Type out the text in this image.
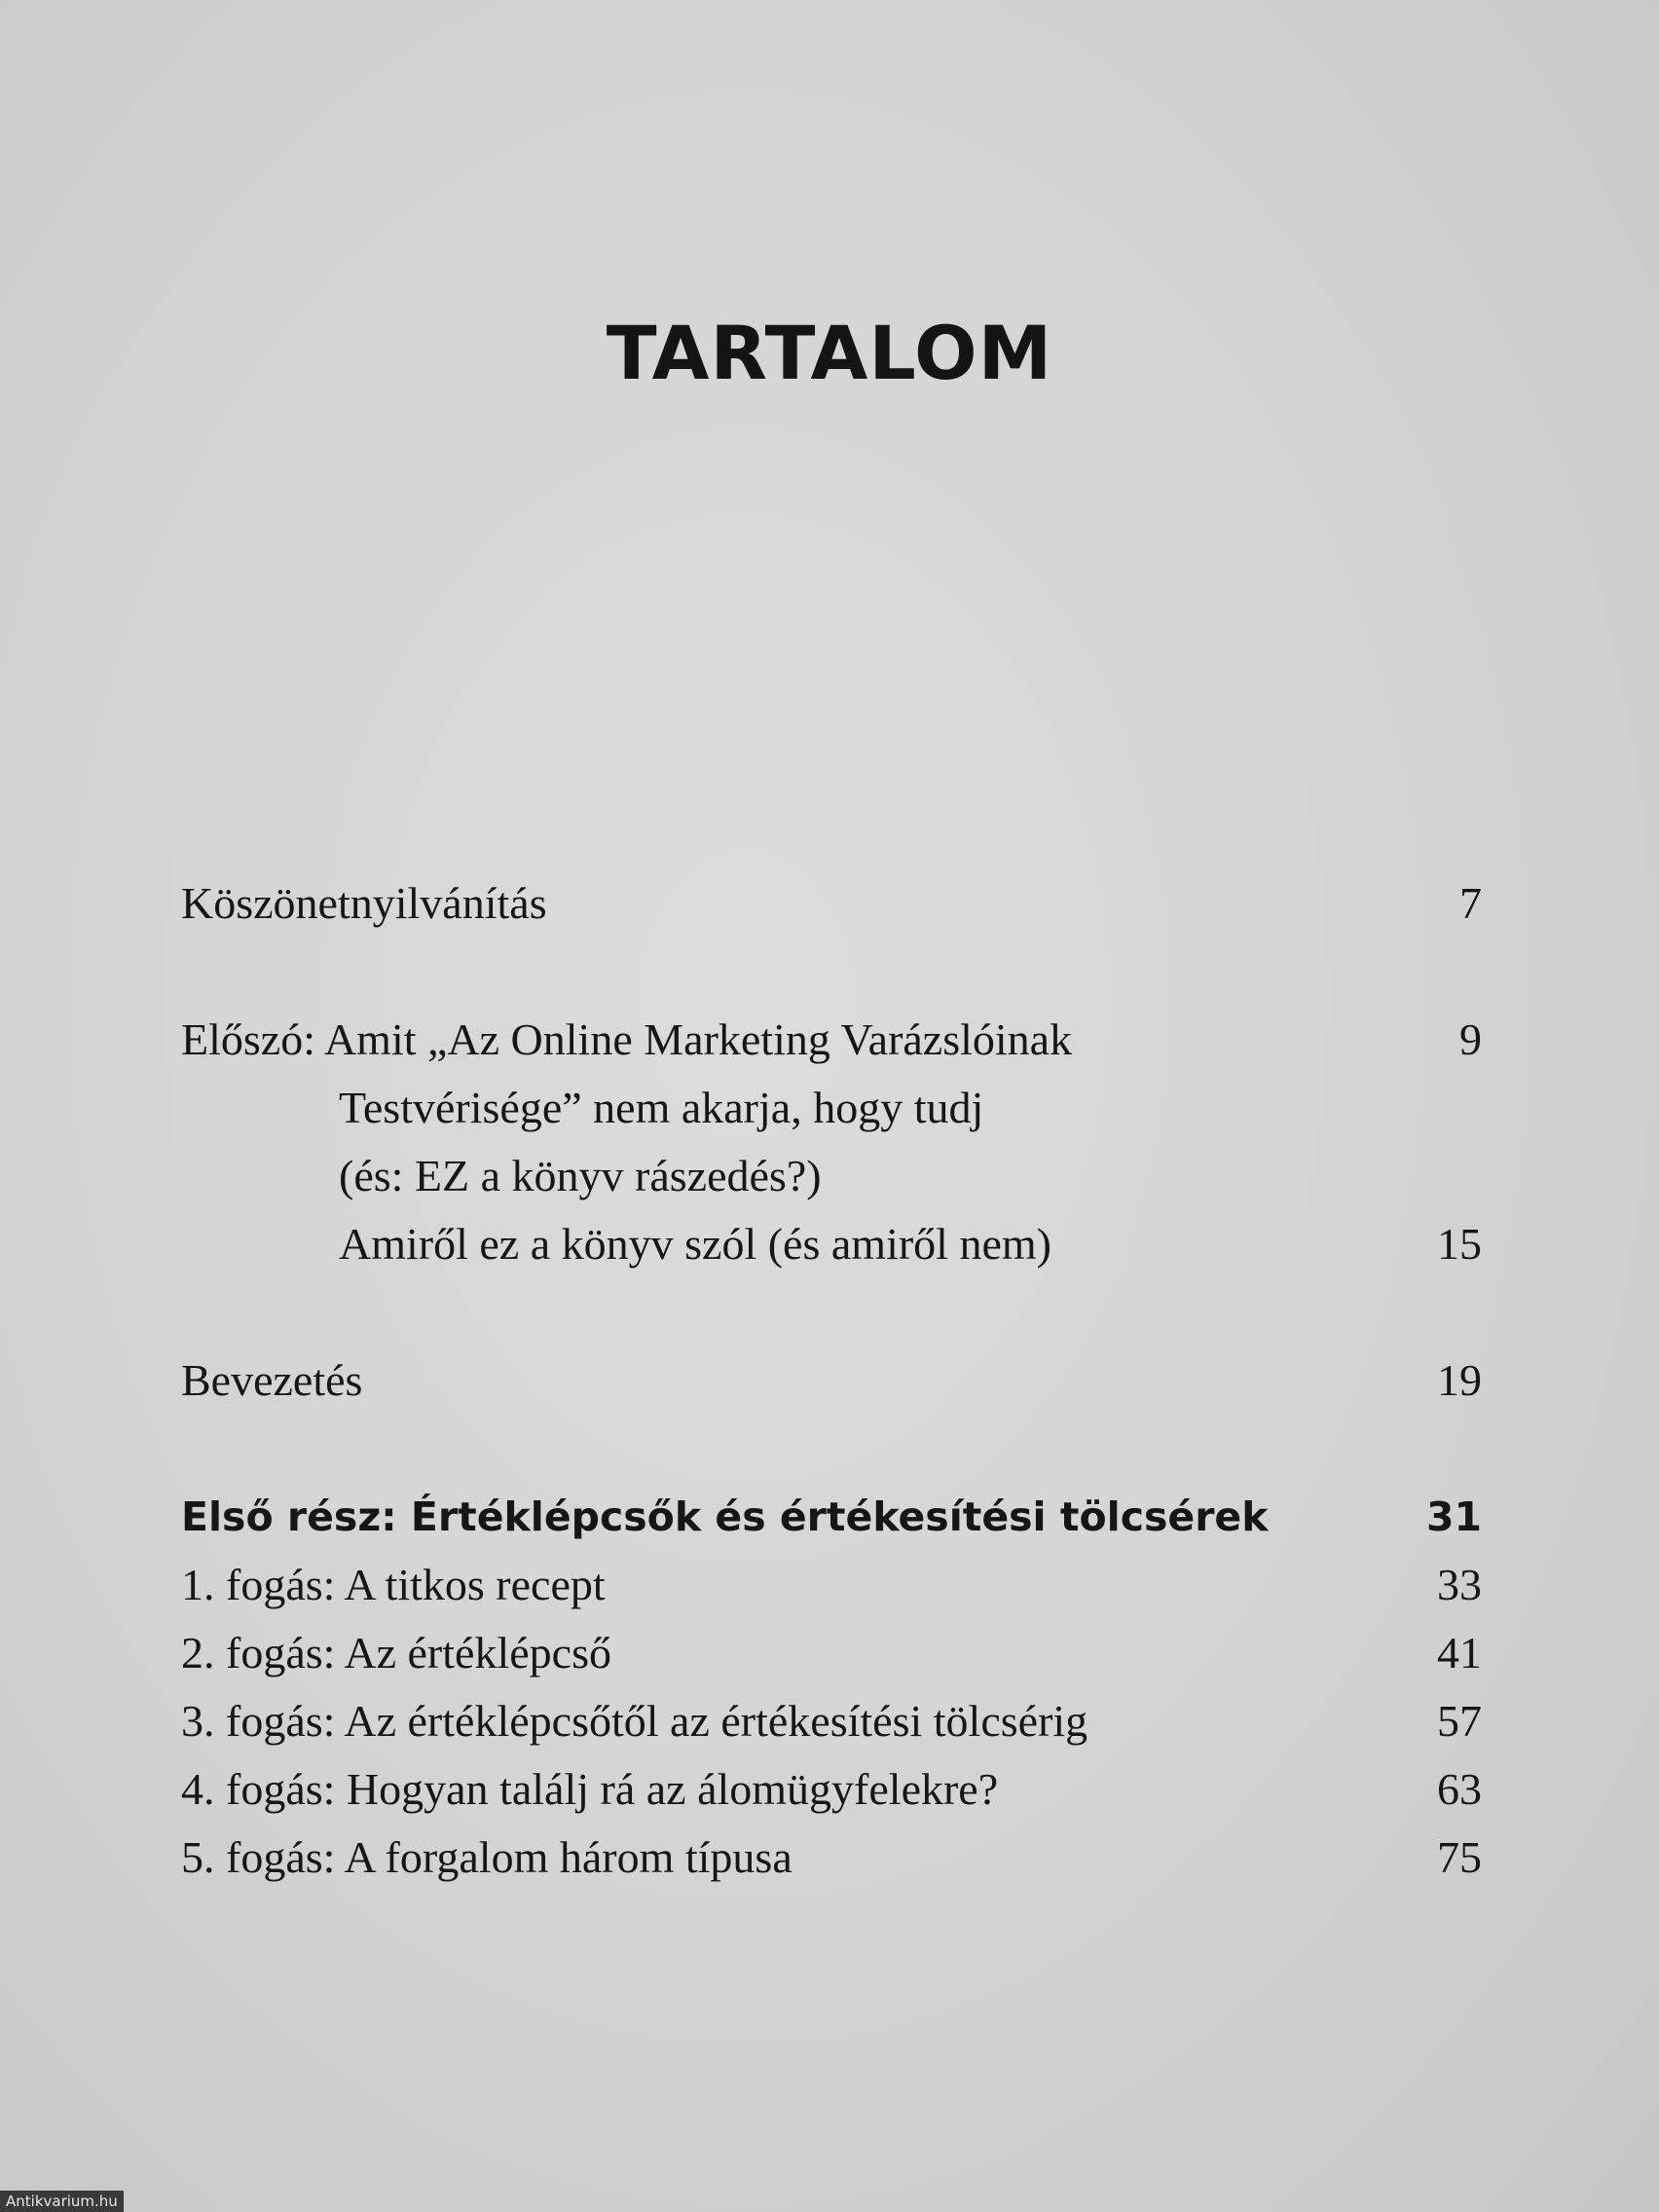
TARTALOM
Köszönetnyilvánítás	7
Előszó: Amit „Az Online Marketing Varázslóinak	9
Testvérisége” nem akarja, hogy tudj
(és: EZ a könyv rászedés?)
Amiről ez a könyv szól (és amiről nem)	15
Bevezetés	19
Első rész: Értéklépcsők és értékesítési tölcsérek	31
1. fogás: A titkos recept	33
2. fogás: Az értéklépcső	41
3. fogás: Az értéklépcsőtől az értékesítési tölcsérig	57
4. fogás: Hogyan találj rá az álomügyfelekre?	63
5. fogás: A forgalom három típusa	75
Antikvarium.hu
